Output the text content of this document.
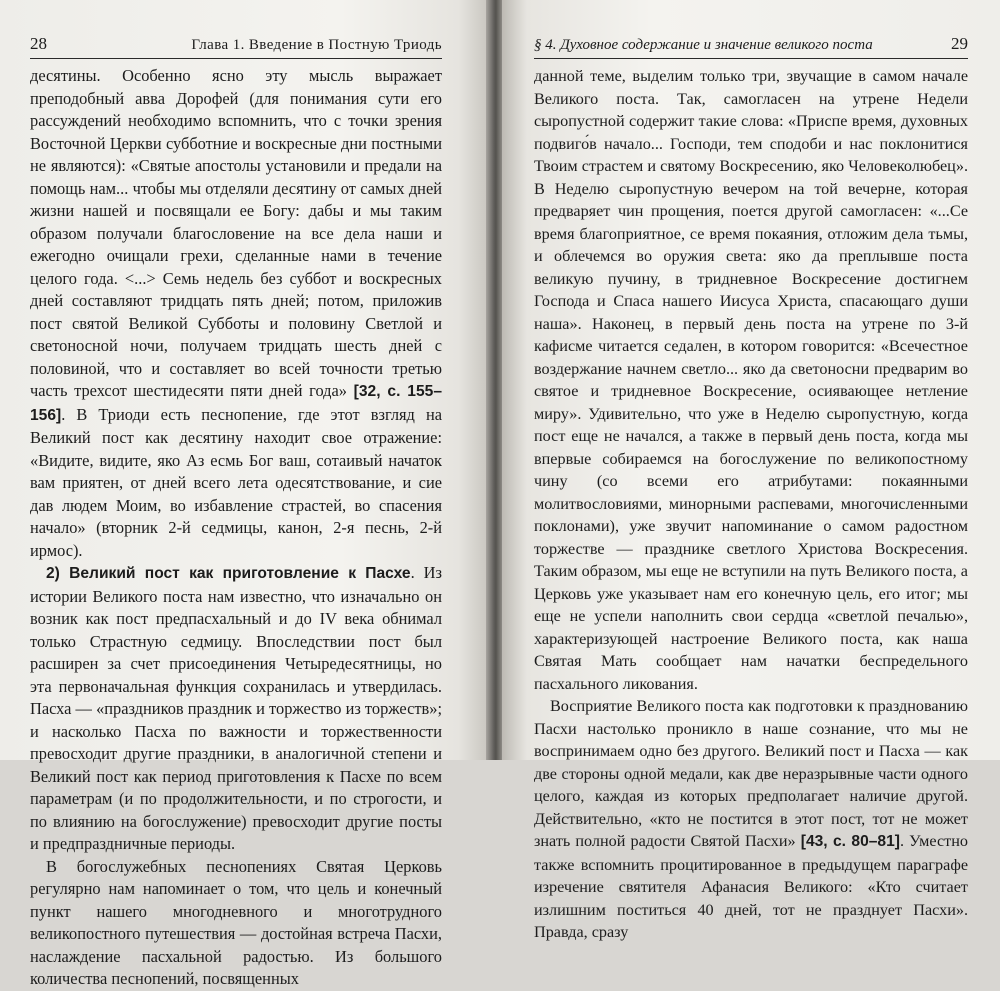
28	Глава 1. Введение в Постную Триодь

десятины. Особенно ясно эту мысль выражает преподобный авва Дорофей (для понимания сути его рассуждений необходимо вспомнить, что с точки зрения Восточной Церкви субботние и воскресные дни постными не являются): «Святые апостолы установили и предали на помощь нам... чтобы мы отделяли десятину от самых дней жизни нашей и посвящали ее Богу: дабы и мы таким образом получали благословение на все дела наши и ежегодно очищали грехи, сделанные нами в течение целого года. <...> Семь недель без суббот и воскресных дней составляют тридцать пять дней; потом, приложив пост святой Великой Субботы и половину Светлой и светоносной ночи, получаем тридцать шесть дней с половиной, что и составляет во всей точности третью часть трехсот шестидесяти пяти дней года» [32, с. 155–156]. В Триоди есть песнопение, где этот взгляд на Великий пост как десятину находит свое отражение: «Видите, видите, яко Аз есмь Бог ваш, сотаивый начаток вам приятен, от дней всего лета одесятствование, и сие дав людем Моим, во избавление страстей, во спасения начало» (вторник 2-й седмицы, канон, 2-я песнь, 2-й ирмос).

2) Великий пост как приготовление к Пасхе. Из истории Великого поста нам известно, что изначально он возник как пост предпасхальный и до IV века обнимал только Страстную седмицу. Впоследствии пост был расширен за счет присоединения Четыредесятницы, но эта первоначальная функция сохранилась и утвердилась. Пасха — «праздников праздник и торжество из торжеств»; и насколько Пасха по важности и торжественности превосходит другие праздники, в аналогичной степени и Великий пост как период приготовления к Пасхе по всем параметрам (и по продолжительности, и по строгости, и по влиянию на богослужение) превосходит другие посты и предпраздничные периоды.

В богослужебных песнопениях Святая Церковь регулярно нам напоминает о том, что цель и конечный пункт нашего многодневного и многотрудного великопостного путешествия — достойная встреча Пасхи, наслаждение пасхальной радостью. Из большого количества песнопений, посвященных

§ 4. Духовное содержание и значение великого поста	29

данной теме, выделим только три, звучащие в самом начале Великого поста. Так, самогласен на утрене Недели сыропустной содержит такие слова: «Приспе время, духовных подвиго́в начало... Господи, тем сподоби и нас поклонитися Твоим страстем и святому Воскресению, яко Человеколюбец». В Неделю сыропустную вечером на той вечерне, которая предваряет чин прощения, поется другой самогласен: «...Се время благоприятное, се время покаяния, отложим дела тьмы, и облечемся во оружия света: яко да преплывше поста великую пучину, в тридневное Воскресение достигнем Господа и Спаса нашего Иисуса Христа, спасающаго души наша». Наконец, в первый день поста на утрене по 3-й кафисме читается седален, в котором говорится: «Всечестное воздержание начнем светло... яко да светоносни предварим во святое и тридневное Воскресение, осиявающее нетление миру». Удивительно, что уже в Неделю сыропустную, когда пост еще не начался, а также в первый день поста, когда мы впервые собираемся на богослужение по великопостному чину (со всеми его атрибутами: покаянными молитвословиями, минорными распевами, многочисленными поклонами), уже звучит напоминание о самом радостном торжестве — празднике светлого Христова Воскресения. Таким образом, мы еще не вступили на путь Великого поста, а Церковь уже указывает нам его конечную цель, его итог; мы еще не успели наполнить свои сердца «светлой печалью», характеризующей настроение Великого поста, как наша Святая Мать сообщает нам начатки беспредельного пасхального ликования.

Восприятие Великого поста как подготовки к празднованию Пасхи настолько проникло в наше сознание, что мы не воспринимаем одно без другого. Великий пост и Пасха — как две стороны одной медали, как две неразрывные части одного целого, каждая из которых предполагает наличие другой. Действительно, «кто не постится в этот пост, тот не может знать полной радости Святой Пасхи» [43, с. 80–81]. Уместно также вспомнить процитированное в предыдущем параграфе изречение святителя Афанасия Великого: «Кто считает излишним поститься 40 дней, тот не празднует Пасхи». Правда, сразу
